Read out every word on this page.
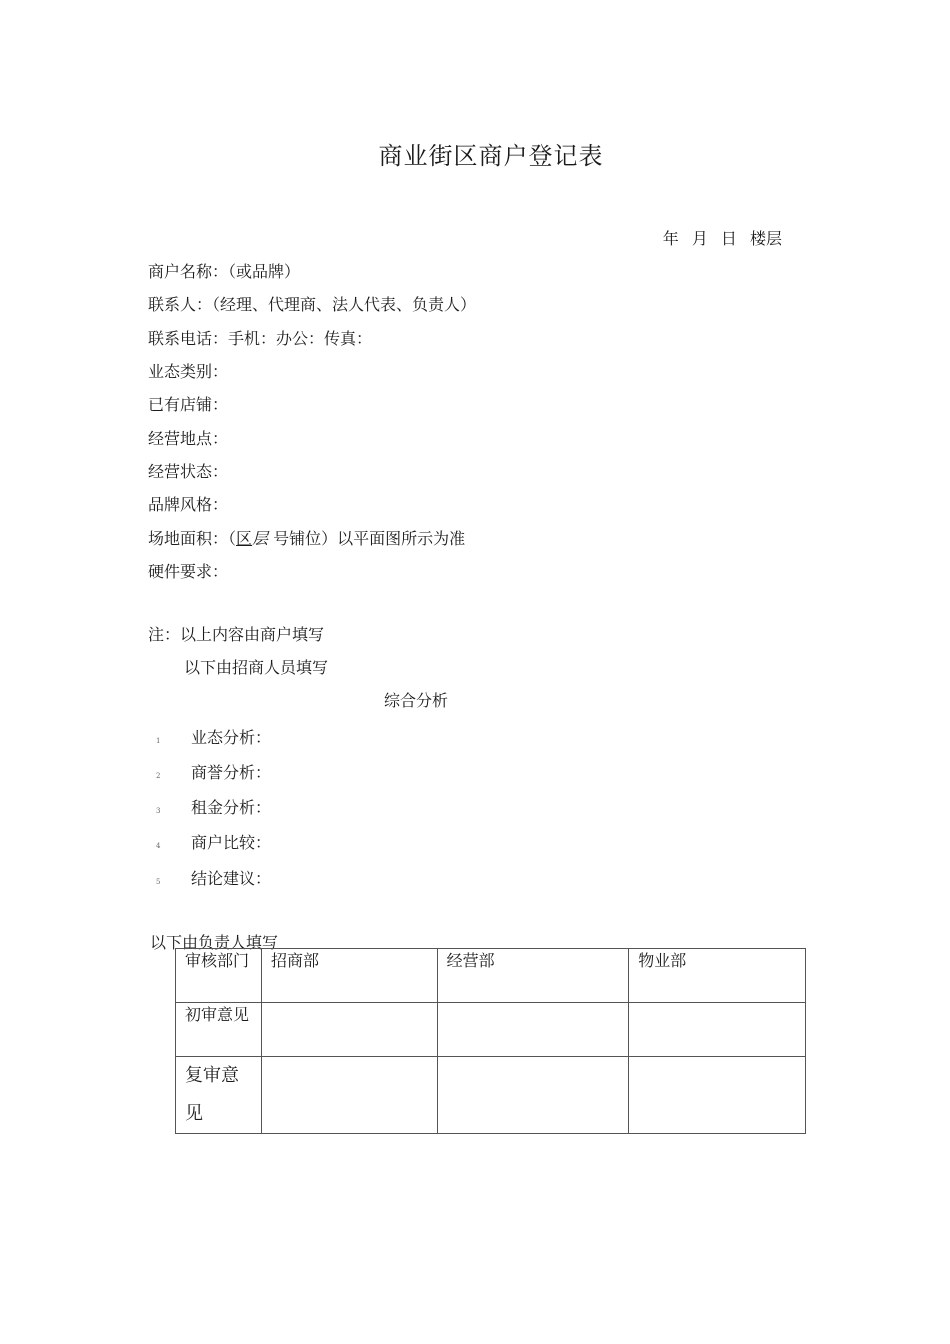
商业街区商户登记表
年 月 日 楼层
商户名称：（或品牌）
联系人：（经理、代理商、法人代表、负责人）
联系电话：手机：办公：传真：
业态类别：
已有店铺：
经营地点：
经营状态：
品牌风格：
场地面积：（区层 号铺位）以平面图所示为准
硬件要求：
注：以上内容由商户填写
以下由招商人员填写
综合分析
1 业态分析：
2 商誉分析：
3 租金分析：
4 商户比较：
5 结论建议：
以下由负责人填写
审核部门	招商部	经营部	物业部
初审意见			
复审意见			
